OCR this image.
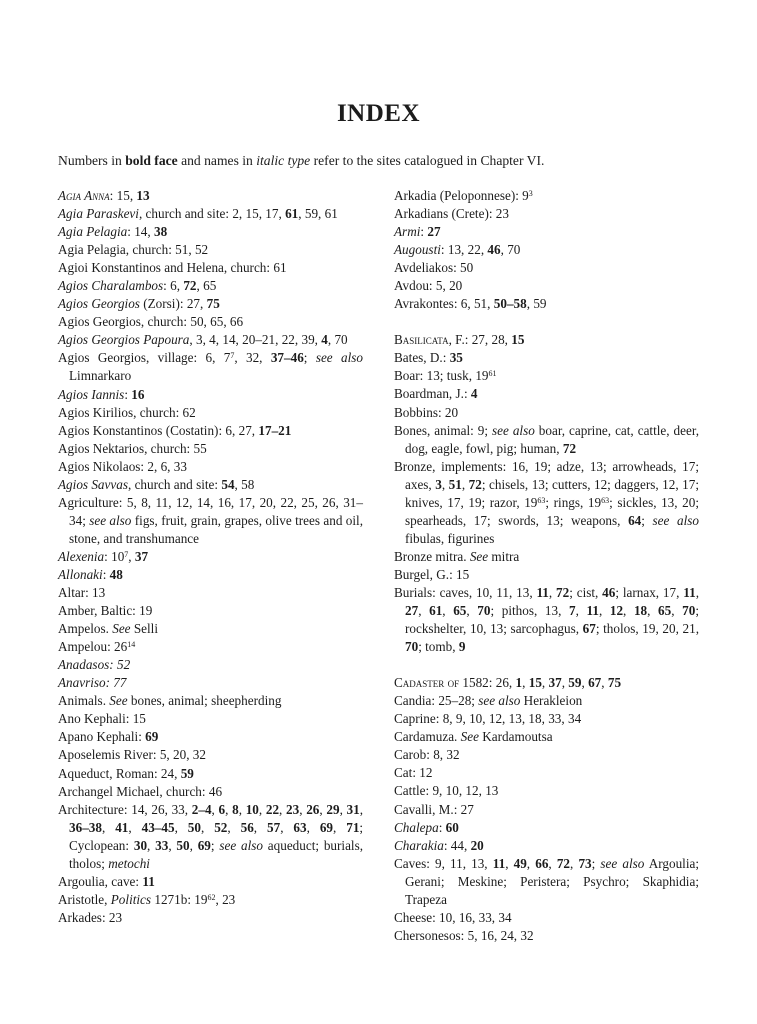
INDEX
Numbers in bold face and names in italic type refer to the sites catalogued in Chapter VI.

Agia Anna: 15, 13

Agia Paraskevi, church and site: 2, 15, 17, 61, 59, 61

Agia Pelagia: 14, 38

Agia Pelagia, church: 51, 52

Agioi Konstantinos and Helena, church: 61

Agios Charalambos: 6, 72, 65

Agios Georgios (Zorsi): 27, 75

Agios Georgios, church: 50, 65, 66

Agios Georgios Papoura, 3, 4, 14, 20–21, 22, 39, 4, 70

Agios Georgios, village: 6, $7^7$, 32, 37–46; see also Limnarkaro

Agios Iannis: 16

Agios Kirilios, church: 62

Agios Konstantinos (Costatin): 6, 27, 17–21

Agios Nektarios, church: 55

Agios Nikolaos: 2, 6, 33

Agios Savvas, church and site: 54, 58

Agriculture: 5, 8, 11, 12, 14, 16, 17, 20, 22, 25, 26, 31–34; see also figs, fruit, grain, grapes, olive trees and oil, stone, and transhumance

Alexenia: $10^7$, 37

Allonaki: 48

Altar: 13

Amber, Baltic: 19

Ampelos. See Selli

Ampelou: $26^{14}$

Anadasos: 52

Anavriso: 77

Animals. See bones, animal; sheepherding

Ano Kephali: 15

Apano Kephali: 69

Aposelemis River: 5, 20, 32

Aqueduct, Roman: 24, 59

Archangel Michael, church: 46

Architecture: 14, 26, 33, 2–4, 6, 8, 10, 22, 23, 26, 29, 31, 36–38, 41, 43–45, 50, 52, 56, 57, 63, 69, 71; Cyclopean: 30, 33, 50, 69; see also aqueduct; burials, tholos; metochi

Argoulia, cave: 11

Aristotle, Politics 1271b: $19^{62}$, 23

Arkades: 23

Arkadia (Peloponnese): $9^3$

Arkadians (Crete): 23

Armi: 27

Augousti: 13, 22, 46, 70

Avdeliakos: 50

Avdou: 5, 20

Avrakontes: 6, 51, 50–58, 59

Basilicata, F.: 27, 28, 15

Bates, D.: 35

Boar: 13; tusk, $19^{61}$

Boardman, J.: 4

Bobbins: 20

Bones, animal: 9; see also boar, caprine, cat, cattle, deer, dog, eagle, fowl, pig; human, 72

Bronze, implements: 16, 19; adze, 13; arrowheads, 17; axes, 3, 51, 72; chisels, 13; cutters, 12; daggers, 12, 17; knives, 17, 19; razor, $19^{63}$; rings, $19^{63}$; sickles, 13, 20; spearheads, 17; swords, 13; weapons, 64; see also fibulas, figurines

Bronze mitra. See mitra

Burgel, G.: 15

Burials: caves, 10, 11, 13, 11, 72; cist, 46; larnax, 17, 11, 27, 61, 65, 70; pithos, 13, 7, 11, 12, 18, 65, 70; rockshelter, 10, 13; sarcophagus, 67; tholos, 19, 20, 21, 70; tomb, 9

Cadaster of 1582: 26, 1, 15, 37, 59, 67, 75

Candia: 25–28; see also Herakleion

Caprine: 8, 9, 10, 12, 13, 18, 33, 34

Cardamuza. See Kardamoutsa

Carob: 8, 32

Cat: 12

Cattle: 9, 10, 12, 13

Cavalli, M.: 27

Chalepa: 60

Charakia: 44, 20

Caves: 9, 11, 13, 11, 49, 66, 72, 73; see also Argoulia; Gerani; Meskine; Peristera; Psychro; Skaphidia; Trapeza

Cheese: 10, 16, 33, 34

Chersonesos: 5, 16, 24, 32
